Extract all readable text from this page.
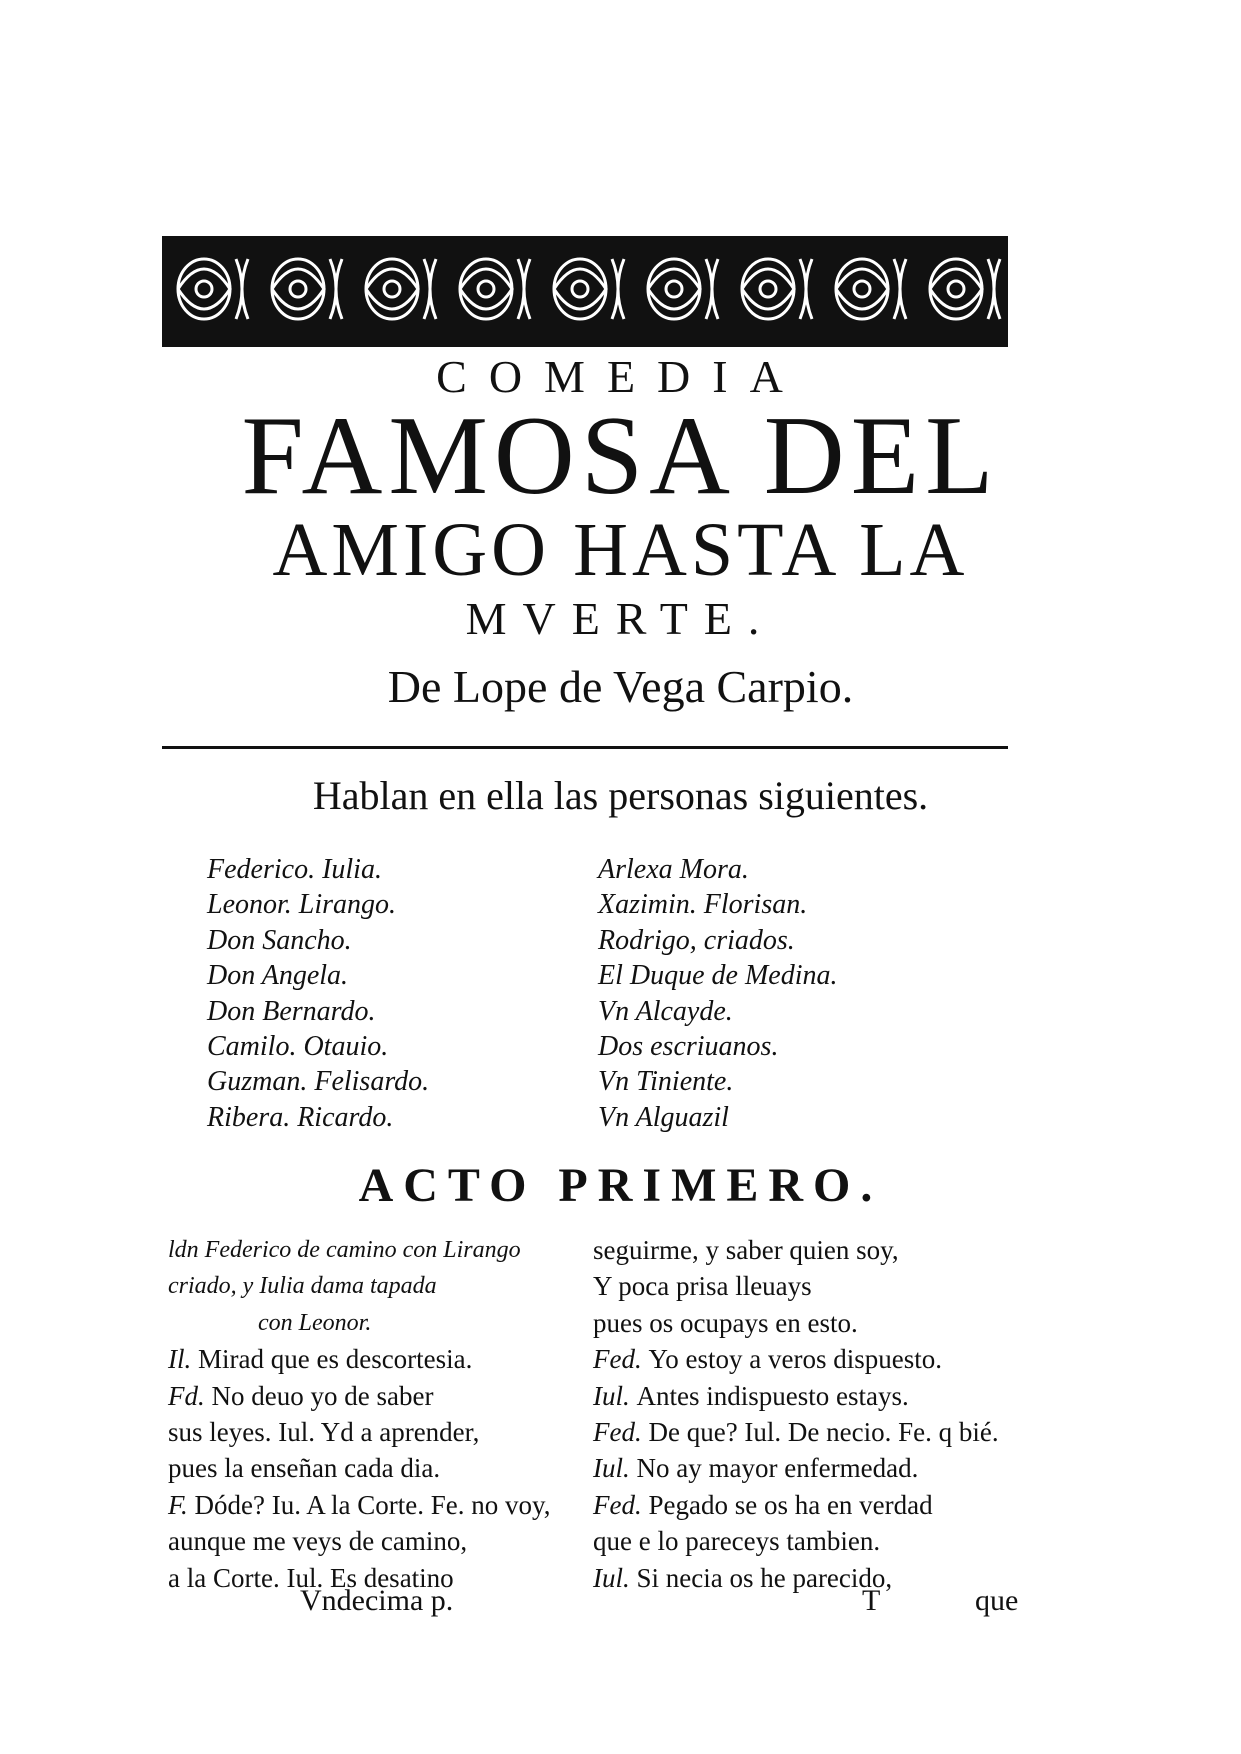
COMEDIA
FAMOSA DEL
AMIGO HASTA LA
MVERTE.
De Lope de Vega Carpio.
Hablan en ella las personas siguientes.
Federico. Iulia.
Leonor. Lirango.
Don Sancho.
Don Angela.
Don Bernardo.
Camilo. Otauio.
Guzman. Felisardo.
Ribera. Ricardo.
Arlexa Mora.
Xazimin. Florisan.
Rodrigo, criados.
El Duque de Medina.
Vn Alcayde.
Dos escriuanos.
Vn Tiniente.
Vn Alguazil
ACTO PRIMERO.
ldn Federico de camino con Lirango
criado, y Iulia dama tapada
con Leonor.
Il. Mirad que es descortesia.
Fd. No deuo yo de saber
sus leyes. Iul. Yd a aprender,
pues la enseñan cada dia.
F. Dóde? Iu. A la Corte. Fe. no voy,
aunque me veys de camino,
a la Corte. Iul. Es desatino
seguirme, y saber quien soy,
Y poca prisa lleuays
pues os ocupays en esto.
Fed. Yo estoy a veros dispuesto.
Iul. Antes indispuesto estays.
Fed. De que? Iul. De necio. Fe. q bié.
Iul. No ay mayor enfermedad.
Fed. Pegado se os ha en verdad
que e lo pareceys tambien.
Iul. Si necia os he parecido,
Vndecima p.	T	que
